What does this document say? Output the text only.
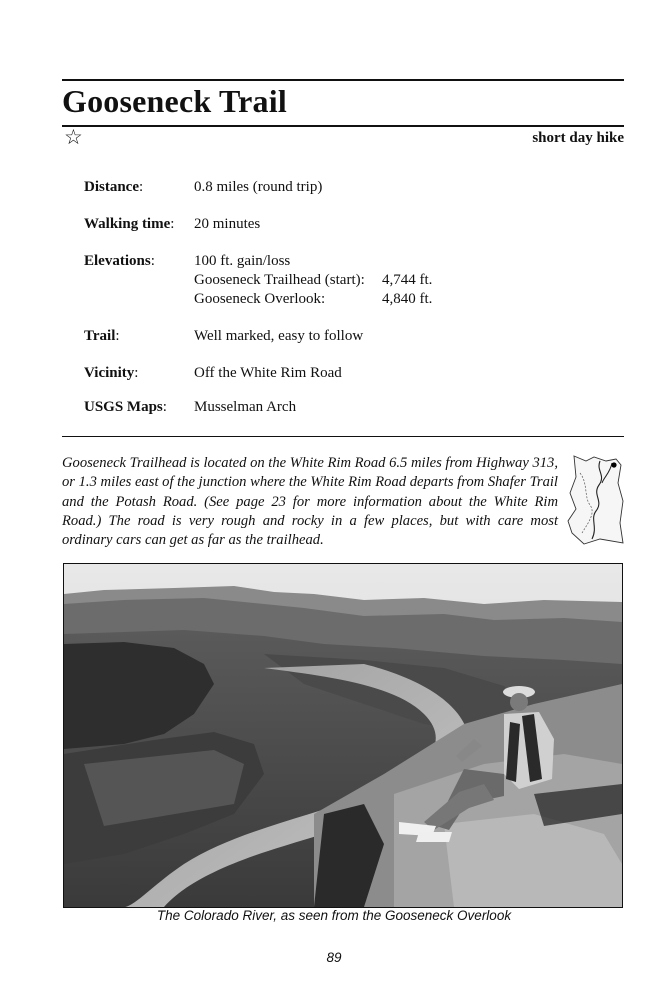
Gooseneck Trail
☆	short day hike
Distance:	0.8 miles (round trip)
Walking time: 20 minutes
Elevations:	100 ft. gain/loss
Gooseneck Trailhead (start): 4,744 ft.
Gooseneck Overlook:	4,840 ft.
Trail:	Well marked, easy to follow
Vicinity:	Off the White Rim Road
USGS Maps: Musselman Arch

Gooseneck Trailhead is located on the White Rim Road 6.5 miles from Highway 313, or 1.3 miles east of the junction where the White Rim Road departs from Shafer Trail and the Potash Road. (See page 23 for more information about the White Rim Road.) The road is very rough and rocky in a few places, but with care most ordinary cars can get as far as the trailhead.

The Colorado River, as seen from the Gooseneck Overlook
89
